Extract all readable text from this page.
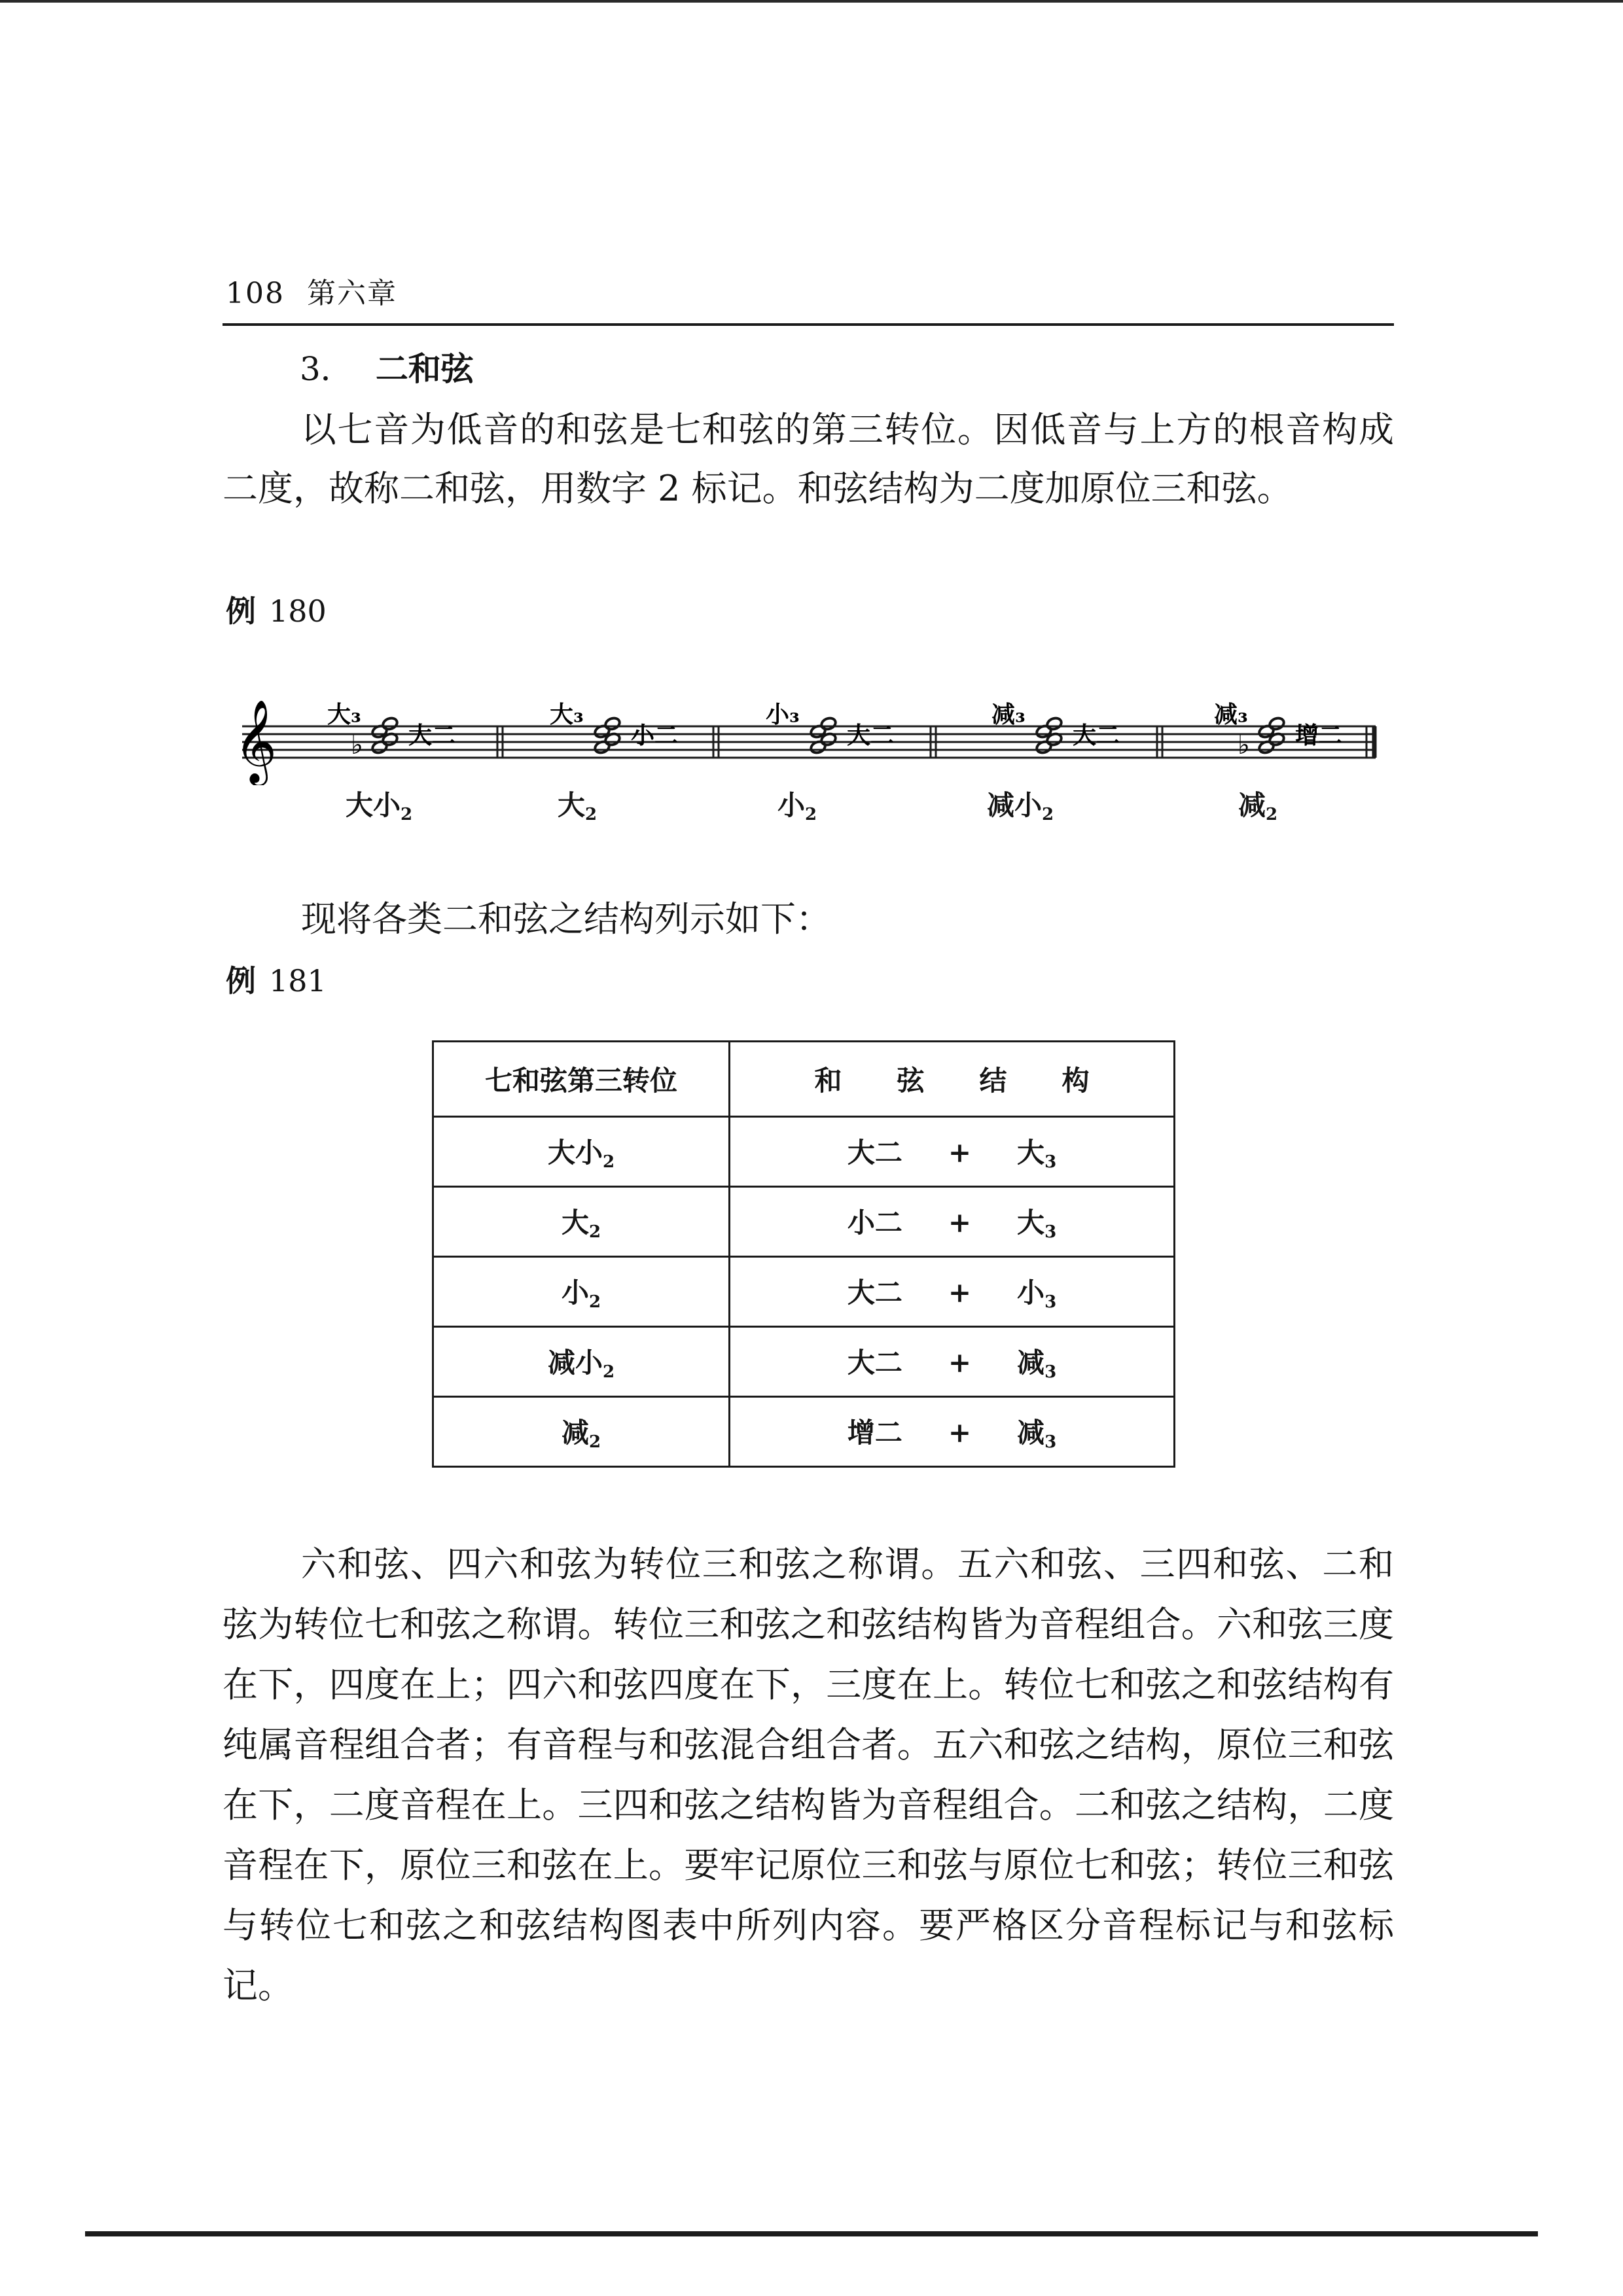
108 第六章
3． 二和弦
以七音为低音的和弦是七和弦的第三转位。因低音与上方的根音构成二度，故称二和弦，用数字 2 标记。和弦结构为二度加原位三和弦。
例 180
𝄞	♭
大₃
大二
大₃
小二
小₃
大二
减₃
大二	♭
减₃
增二
大小$_2$	大$_2$	小$_2$	减小$_2$	减$_2$
现将各类二和弦之结构列示如下：
例 181
七和弦第三转位	和　　弦　　结　　构
大小$_2$	大二 + 大$_3$
大$_2$	小二 + 大$_3$
小$_2$	大二 + 小$_3$
减小$_2$	大二 + 减$_3$
减$_2$	增二 + 减$_3$
六和弦、四六和弦为转位三和弦之称谓。五六和弦、三四和弦、二和弦为转位七和弦之称谓。转位三和弦之和弦结构皆为音程组合。六和弦三度在下，四度在上；四六和弦四度在下，三度在上。转位七和弦之和弦结构有纯属音程组合者；有音程与和弦混合组合者。五六和弦之结构，原位三和弦在下，二度音程在上。三四和弦之结构皆为音程组合。二和弦之结构，二度音程在下，原位三和弦在上。要牢记原位三和弦与原位七和弦；转位三和弦与转位七和弦之和弦结构图表中所列内容。要严格区分音程标记与和弦标记。
